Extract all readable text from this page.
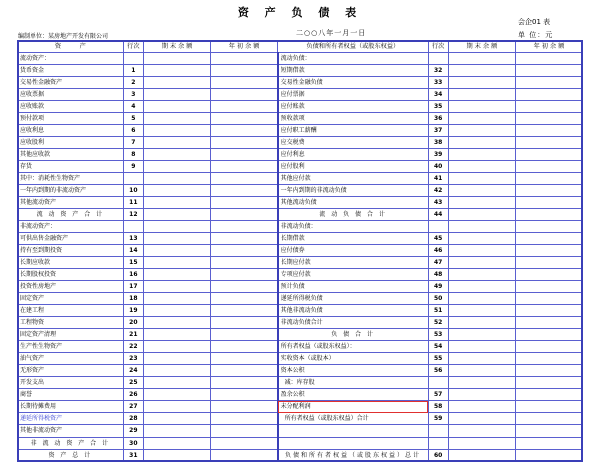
资 产 负 债 表
会企01 表
编制单位：某房地产开发有限公司	二○○八年一月一日	单 位：元
资　　　产	行次	期 末 余 额	年 初 余 额	负债和所有者权益（或股东权益）	行次	期 末 余 额	年 初 余 额
流动资产：				流动负债：			
货币资金	1			短期借款	32		
交易性金融资产	2			交易性金融负债	33		
应收票据	3			应付票据	34		
应收账款	4			应付账款	35		
预付款项	5			预收款项	36		
应收利息	6			应付职工薪酬	37		
应收股利	7			应交税费	38		
其他应收款	8			应付利息	39		
存货	9			应付股利	40		
其中：消耗性生物资产				其他应付款	41		
一年内到期的非流动资产	10			一年内到期的非流动负债	42		
其他流动资产	11			其他流动负债	43		
流 动 资 产 合 计	12			流 动 负 债 合 计	44		
非流动资产：				非流动负债：			
可供出售金融资产	13			长期借款	45		
持有至到期投资	14			应付债券	46		
长期应收款	15			长期应付款	47		
长期股权投资	16			专项应付款	48		
投资性房地产	17			预计负债	49		
固定资产	18			递延所得税负债	50		
在建工程	19			其他非流动负债	51		
工程物资	20			非流动负债合计	52		
固定资产清理	21			负 债 合 计	53		
生产性生物资产	22			所有者权益（或股东权益）：	54		
油气资产	23			实收资本（或股本）	55		
无形资产	24			资本公积	56		
开发支出	25			减：库存股			
商誉	26			盈余公积	57		
长期待摊费用	27			未分配利润	58		
递延所得税资产	28			所有者权益（或股东权益）合计	59		
其他非流动资产	29						
非 流 动 资 产 合 计	30						
资 产 总 计	31			负债和所有者权益（或股东权益）总计	60		
